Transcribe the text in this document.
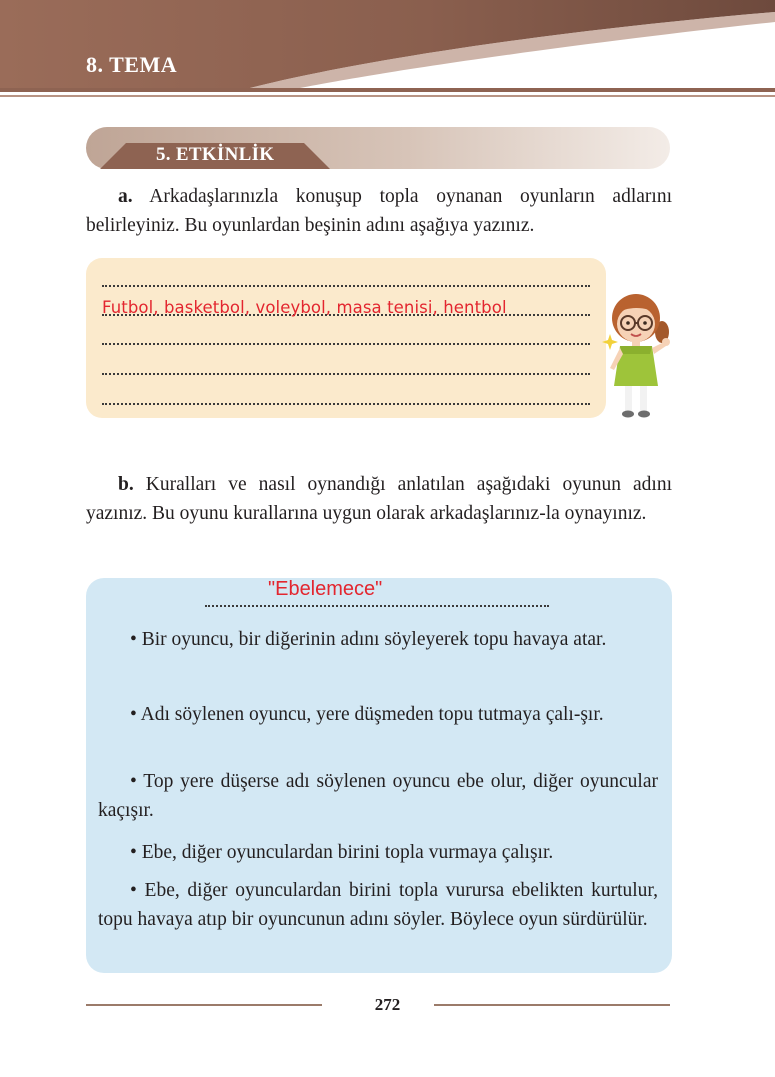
8. TEMA
5. ETKİNLİK
a. Arkadaşlarınızla konuşup topla oynanan oyunların adlarını belirleyiniz. Bu oyunlardan beşinin adını aşağıya yazınız.
Futbol, basketbol, voleybol, masa tenisi, hentbol
b. Kuralları ve nasıl oynandığı anlatılan aşağıdaki oyunun adını yazınız. Bu oyunu kurallarına uygun olarak arkadaşlarınız-la oynayınız.
"Ebelemece"
• Bir oyuncu, bir diğerinin adını söyleyerek topu havaya atar.
• Adı söylenen oyuncu, yere düşmeden topu tutmaya çalı-şır.
• Top yere düşerse adı söylenen oyuncu ebe olur, diğer oyuncular kaçışır.
• Ebe, diğer oyunculardan birini topla vurmaya çalışır.
• Ebe, diğer oyunculardan birini topla vurursa ebelikten kurtulur, topu havaya atıp bir oyuncunun adını söyler. Böylece oyun sürdürülür.
272
